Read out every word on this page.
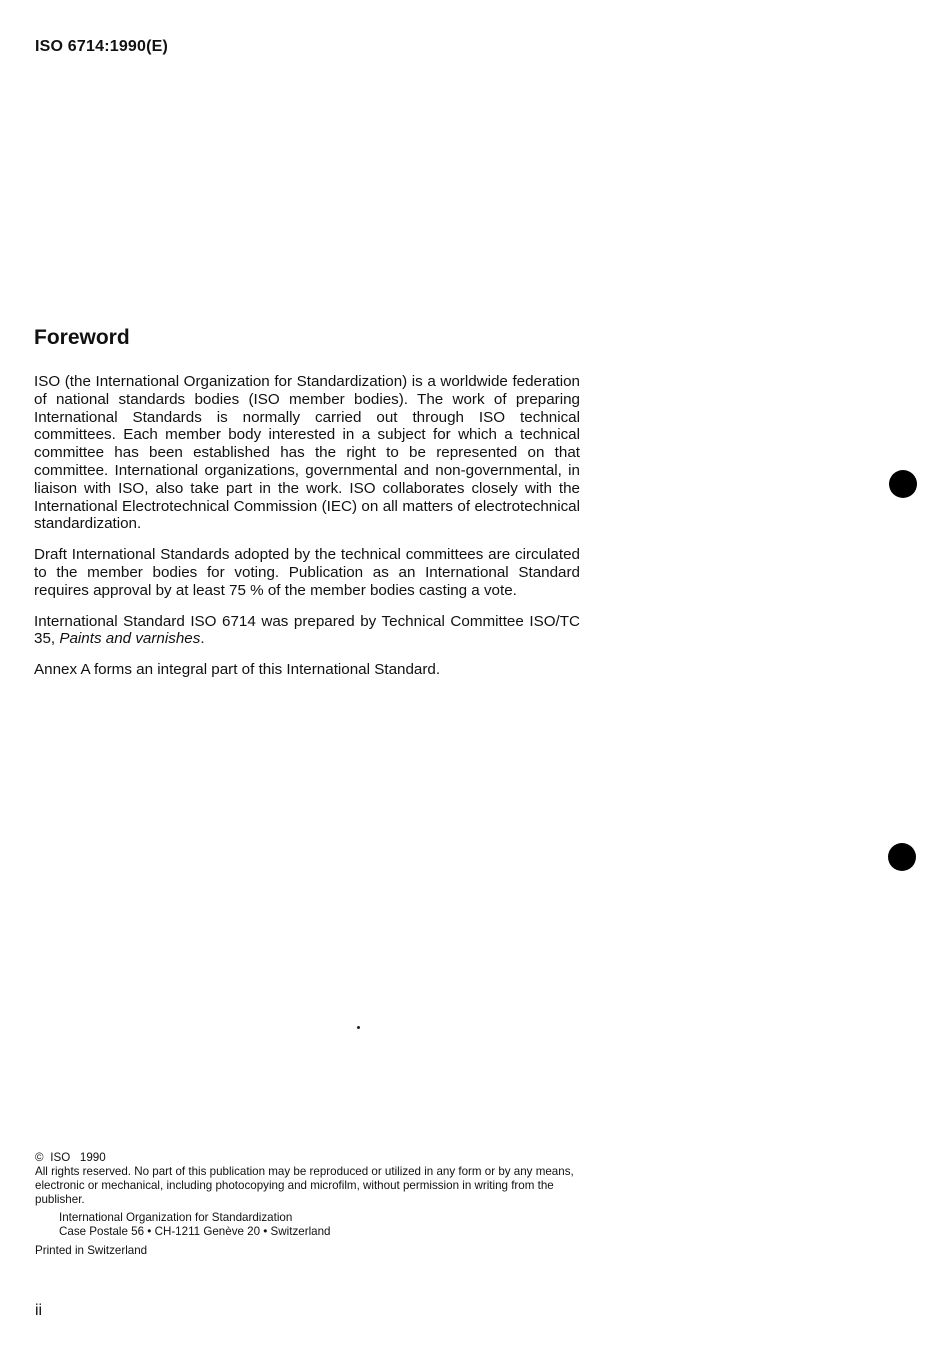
ISO 6714:1990(E)
Foreword

ISO (the International Organization for Standardization) is a worldwide federation of national standards bodies (ISO member bodies). The work of preparing International Standards is normally carried out through ISO technical committees. Each member body interested in a subject for which a technical committee has been established has the right to be represented on that committee. International organizations, governmental and non-governmental, in liaison with ISO, also take part in the work. ISO collaborates closely with the International Electrotechnical Commission (IEC) on all matters of electrotechnical standardization.

Draft International Standards adopted by the technical committees are circulated to the member bodies for voting. Publication as an International Standard requires approval by at least 75 % of the member bodies casting a vote.

International Standard ISO 6714 was prepared by Technical Committee ISO/TC 35, Paints and varnishes.

Annex A forms an integral part of this International Standard.

© ISO   1990
All rights reserved. No part of this publication may be reproduced or utilized in any form or by any means, electronic or mechanical, including photocopying and microfilm, without permission in writing from the publisher.
International Organization for Standardization
Case Postale 56 • CH-1211 Genève 20 • Switzerland
Printed in Switzerland
ii
